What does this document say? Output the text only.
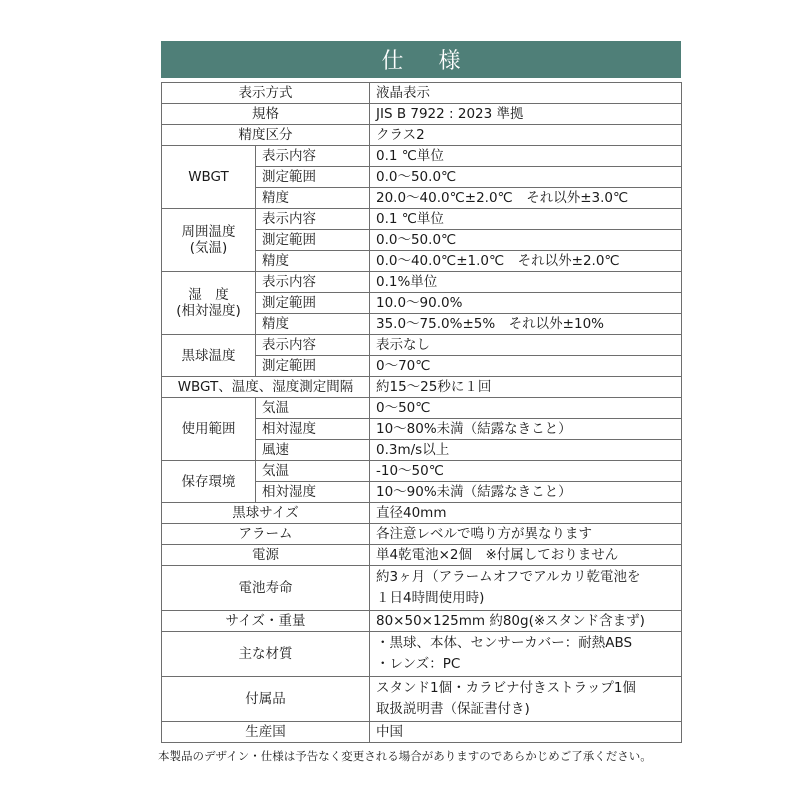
仕 様
表示方式		液晶表示
規格		JIS B 7922 : 2023 準拠
精度区分		クラス2
WBGT	表示内容	0.1 ℃単位
	測定範囲	0.0〜50.0℃
	精度	20.0〜40.0℃±2.0℃　それ以外±3.0℃

周囲温度
(気温)	表示内容	0.1 ℃単位
	測定範囲	0.0〜50.0℃
	精度	0.0〜40.0℃±1.0℃　それ以外±2.0℃

湿　度
(相対湿度)	表示内容	0.1%単位
	測定範囲	10.0〜90.0%
	精度	35.0〜75.0%±5%　それ以外±10%
黒球温度	表示内容	表示なし
	測定範囲	0〜70℃
WBGT、温度、湿度測定間隔		約15〜25秒に１回
使用範囲	気温	0〜50℃
	相対湿度	10〜80%未満（結露なきこと）
	風速	0.3m/s以上
保存環境	気温	-10〜50℃
	相対湿度	10〜90%未満（結露なきこと）
黒球サイズ		直径40mm
アラーム		各注意レベルで鳴り方が異なります
電源		単4乾電池×2個　※付属しておりません
電池寿命		約3ヶ月（アラームオフでアルカリ乾電池を
１日4時間使用時)

サイズ・重量		80×50×125mm 約80g(※スタンド含まず)
主な材質		・黒球、本体、センサーカバー：耐熱ABS
・レンズ：PC

付属品		スタンド1個・カラビナ付きストラップ1個
取扱説明書（保証書付き)

生産国		中国
本製品のデザイン・仕様は予告なく変更される場合がありますのであらかじめご了承ください。
